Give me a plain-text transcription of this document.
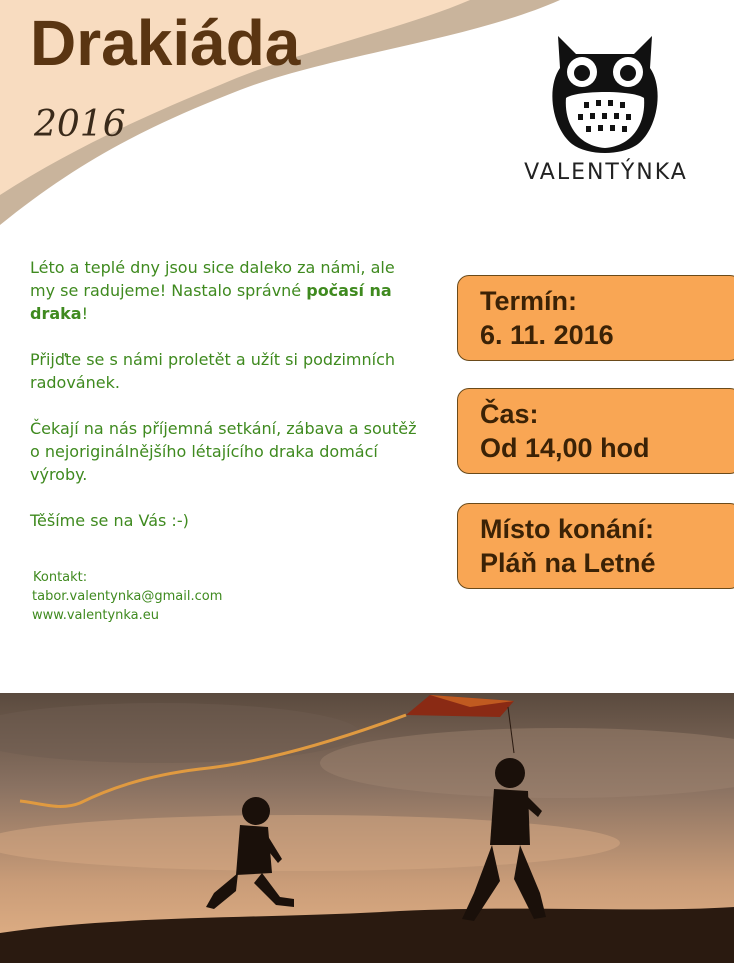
Drakiáda
2016
VALENTÝNKA

Léto a teplé dny jsou sice daleko za námi, ale my se radujeme! Nastalo správné počasí na draka!

Přijďte se s námi proletět a užít si podzimních radovánek.

Čekají na nás příjemná setkání, zábava a soutěž o nejoriginálnějšího létajícího draka domácí výroby.

Těšíme se na Vás :-)

Kontakt:
tabor.valentynka@gmail.com
www.valentynka.eu
Termín:
6. 11. 2016
Čas:
Od 14,00 hod
Místo konání:
Pláň na Letné
